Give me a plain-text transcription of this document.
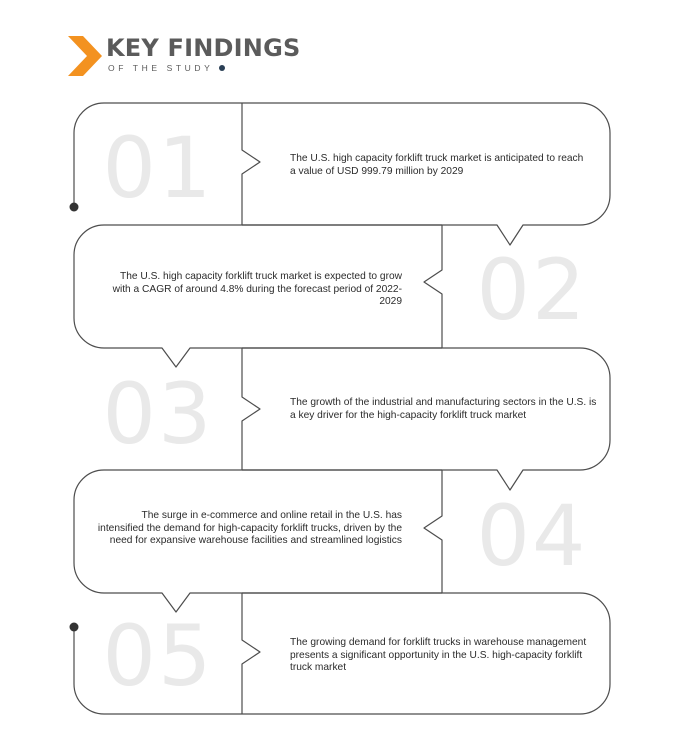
KEY FINDINGS
OF THE STUDY
01
02
03
04
05
The U.S. high capacity forklift truck market is anticipated to reach a value of USD 999.79 million by 2029
The U.S. high capacity forklift truck market is expected to grow with a CAGR of around 4.8% during the forecast period of 2022-2029
The growth of the industrial and manufacturing sectors in the U.S. is a key driver for the high-capacity forklift truck market
The surge in e-commerce and online retail in the U.S. has intensified the demand for high-capacity forklift trucks, driven by the need for expansive warehouse facilities and streamlined logistics
The growing demand for forklift trucks in warehouse management presents a significant opportunity in the U.S. high-capacity forklift truck market
